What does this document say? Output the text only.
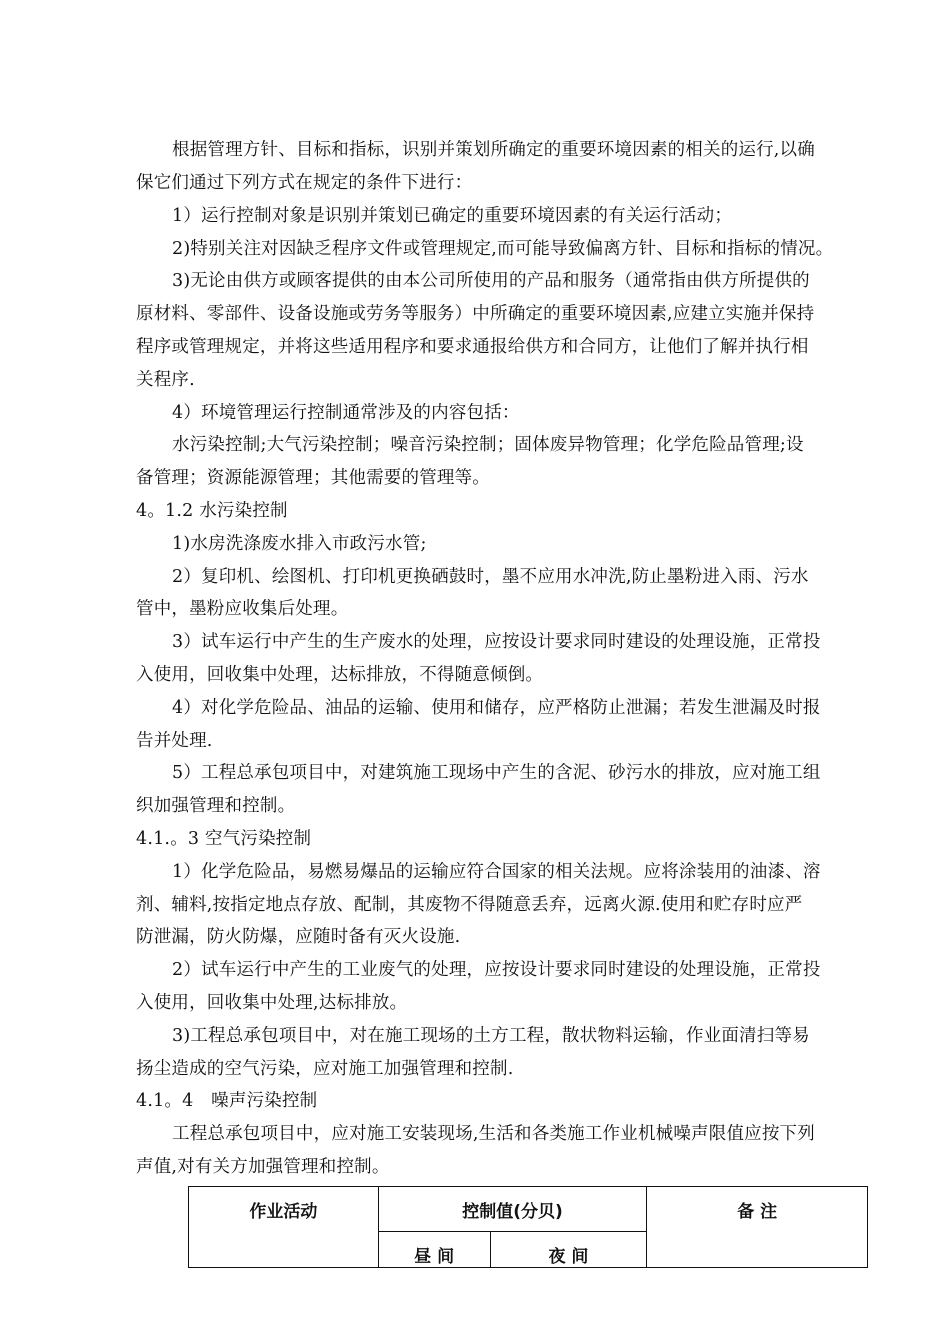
根据管理方针、目标和指标，识别并策划所确定的重要环境因素的相关的运行,以确
保它们通过下列方式在规定的条件下进行：
1）运行控制对象是识别并策划已确定的重要环境因素的有关运行活动；
2)特别关注对因缺乏程序文件或管理规定,而可能导致偏离方针、目标和指标的情况。
3)无论由供方或顾客提供的由本公司所使用的产品和服务（通常指由供方所提供的
原材料、零部件、设备设施或劳务等服务）中所确定的重要环境因素,应建立实施并保持
程序或管理规定，并将这些适用程序和要求通报给供方和合同方，让他们了解并执行相
关程序.
4）环境管理运行控制通常涉及的内容包括：
水污染控制;大气污染控制；噪音污染控制；固体废异物管理；化学危险品管理;设
备管理；资源能源管理；其他需要的管理等。
4。1.2 水污染控制
1)水房洗涤废水排入市政污水管;
2）复印机、绘图机、打印机更换硒鼓时，墨不应用水冲洗,防止墨粉进入雨、污水
管中，墨粉应收集后处理。
3）试车运行中产生的生产废水的处理，应按设计要求同时建设的处理设施，正常投
入使用，回收集中处理，达标排放，不得随意倾倒。
4）对化学危险品、油品的运输、使用和储存，应严格防止泄漏；若发生泄漏及时报
告并处理.
5）工程总承包项目中，对建筑施工现场中产生的含泥、砂污水的排放，应对施工组
织加强管理和控制。
4.1.。3 空气污染控制
1）化学危险品，易燃易爆品的运输应符合国家的相关法规。应将涂装用的油漆、溶
剂、辅料,按指定地点存放、配制，其废物不得随意丢弃，远离火源.使用和贮存时应严
防泄漏，防火防爆，应随时备有灭火设施.
2）试车运行中产生的工业废气的处理，应按设计要求同时建设的处理设施，正常投
入使用，回收集中处理,达标排放。
3)工程总承包项目中，对在施工现场的土方工程，散状物料运输，作业面清扫等易
扬尘造成的空气污染，应对施工加强管理和控制.
4.1。4　噪声污染控制
工程总承包项目中，应对施工安装现场,生活和各类施工作业机械噪声限值应按下列
声值,对有关方加强管理和控制。
作业活动	控制值(分贝)		备 注
	昼 间	夜 间	
